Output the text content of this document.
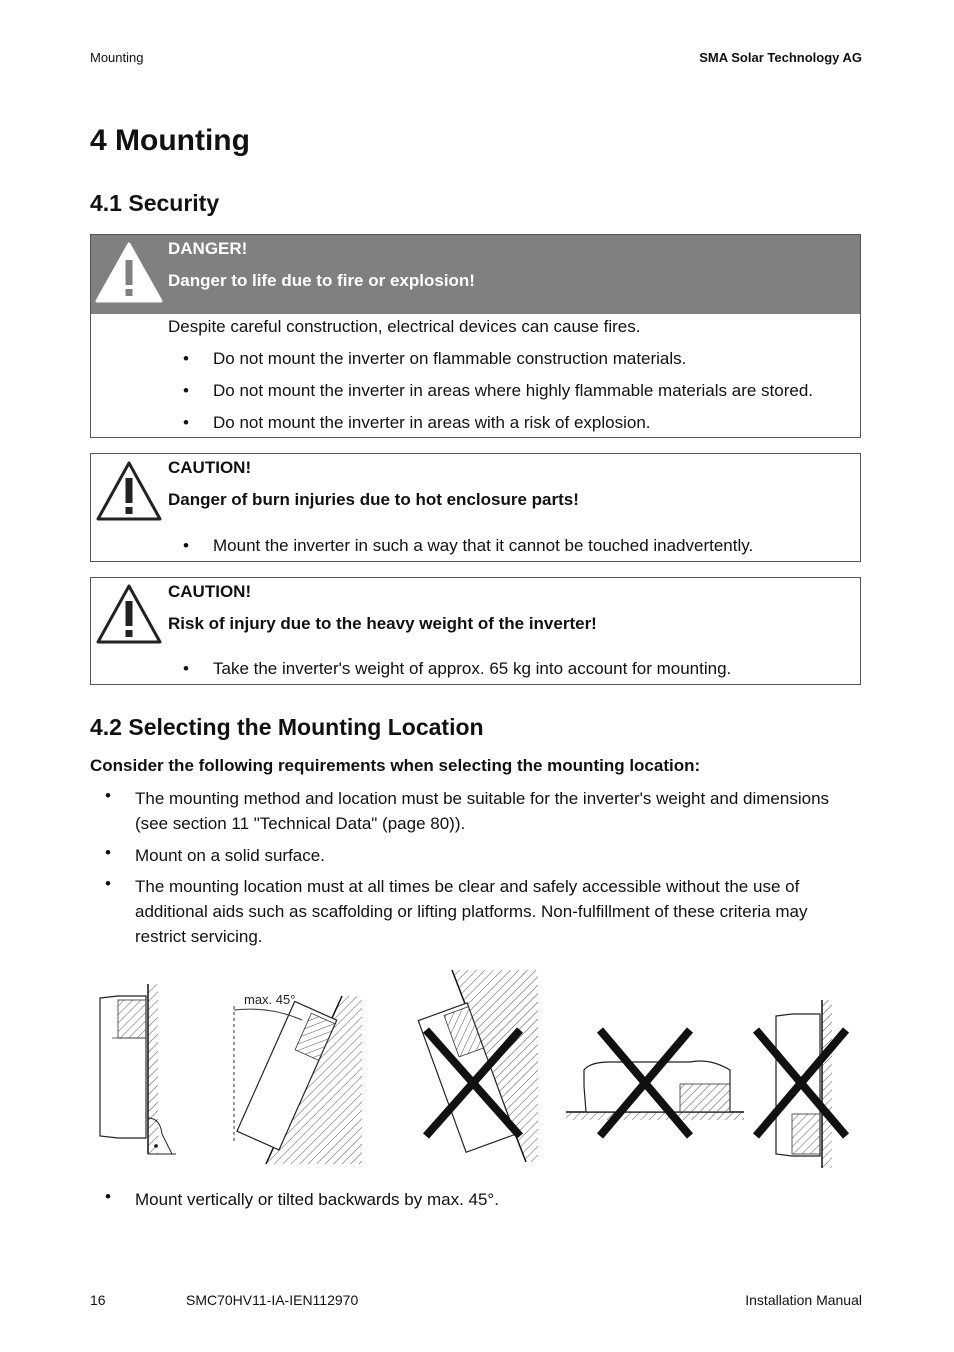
Mounting	SMA Solar Technology AG
4 Mounting
4.1 Security
DANGER!
Danger to life due to fire or explosion!
Despite careful construction, electrical devices can cause fires.
• Do not mount the inverter on flammable construction materials.
• Do not mount the inverter in areas where highly flammable materials are stored.
• Do not mount the inverter in areas with a risk of explosion.
CAUTION!
Danger of burn injuries due to hot enclosure parts!
• Mount the inverter in such a way that it cannot be touched inadvertently.
CAUTION!
Risk of injury due to the heavy weight of the inverter!
• Take the inverter's weight of approx. 65 kg into account for mounting.
4.2 Selecting the Mounting Location
Consider the following requirements when selecting the mounting location:
• The mounting method and location must be suitable for the inverter's weight and dimensions (see section 11 "Technical Data" (page 80)).
• Mount on a solid surface.
• The mounting location must at all times be clear and safely accessible without the use of additional aids such as scaffolding or lifting platforms. Non-fulfillment of these criteria may restrict servicing.
max. 45°
• Mount vertically or tilted backwards by max. 45°.
16	SMC70HV11-IA-IEN112970	Installation Manual
